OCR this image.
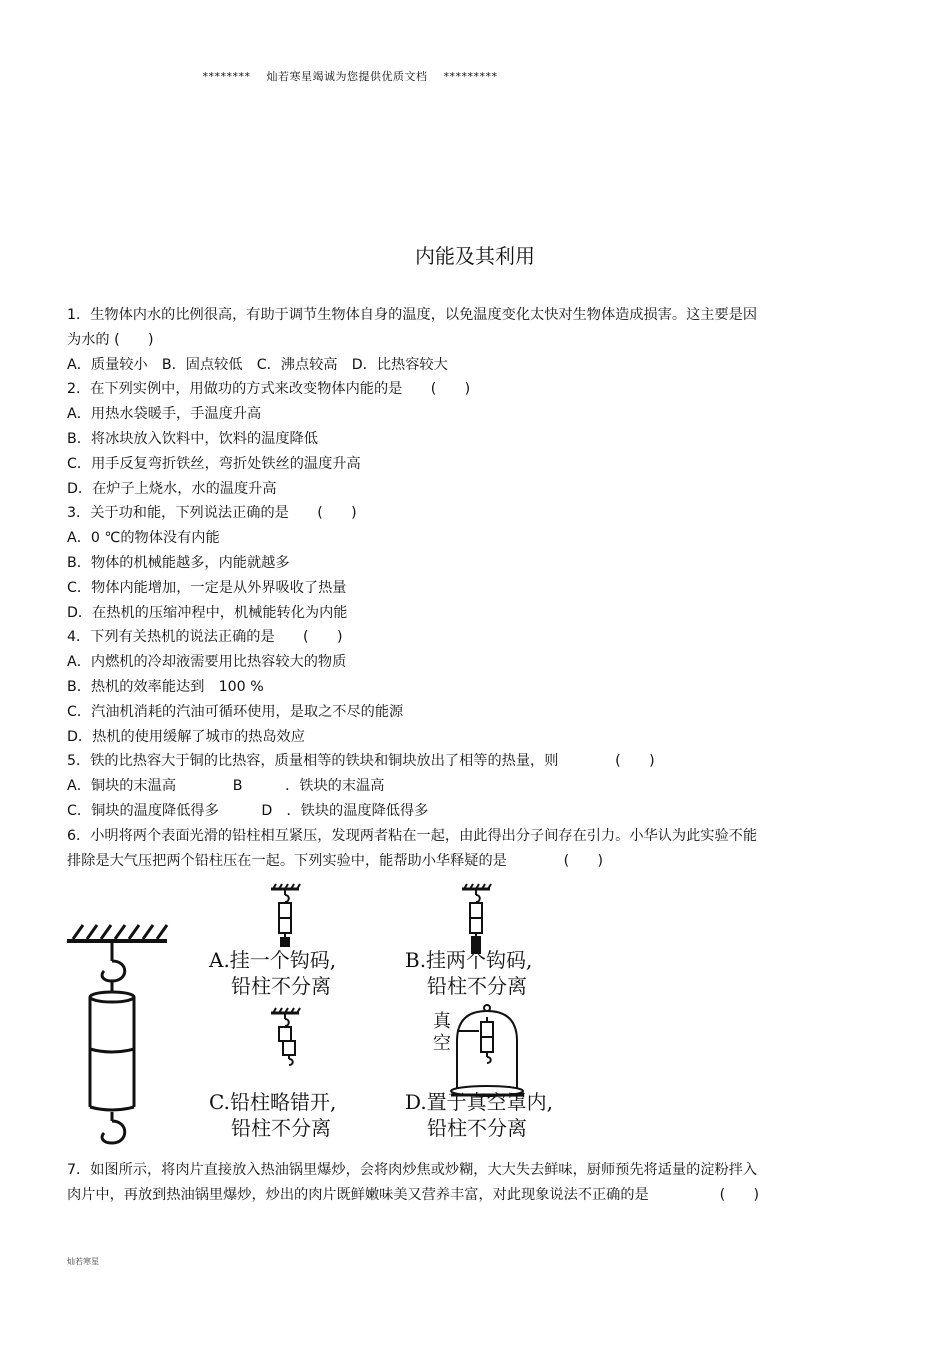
******** 灿若寒星竭诚为您提供优质文档 *********
内能及其利用
1．生物体内水的比例很高，有助于调节生物体自身的温度，以免温度变化太快对生物体造成损害。这主要是因
为水的 (　　)
A．质量较小　B．固点较低　C．沸点较高　D．比热容较大
2．在下列实例中，用做功的方式来改变物体内能的是　　(　　)
A．用热水袋暖手，手温度升高
B．将冰块放入饮料中，饮料的温度降低
C．用手反复弯折铁丝，弯折处铁丝的温度升高
D．在炉子上烧水，水的温度升高
3．关于功和能，下列说法正确的是　　(　　)
A．0 ℃的物体没有内能
B．物体的机械能越多，内能就越多
C．物体内能增加，一定是从外界吸收了热量
D．在热机的压缩冲程中，机械能转化为内能
4．下列有关热机的说法正确的是　　(　　)
A．内燃机的冷却液需要用比热容较大的物质
B．热机的效率能达到　100 %
C．汽油机消耗的汽油可循环使用，是取之不尽的能源
D．热机的使用缓解了城市的热岛效应
5．铁的比热容大于铜的比热容，质量相等的铁块和铜块放出了相等的热量，则　　　　(　　)
A．铜块的末温高　　　　B　　　．铁块的末温高
C．铜块的温度降低得多　　　D　．铁块的温度降低得多
6．小明将两个表面光滑的铅柱相互紧压，发现两者粘在一起，由此得出分子间存在引力。小华认为此实验不能
排除是大气压把两个铅柱压在一起。下列实验中，能帮助小华释疑的是　　　　(　　)
A.挂一个钩码,
铅柱不分离
B.挂两个钩码,
铅柱不分离
C.铅柱略错开,
铅柱不分离
D.置于真空罩内,
铅柱不分离
真
空
7．如图所示，将肉片直接放入热油锅里爆炒，会将肉炒焦或炒糊，大大失去鲜味，厨师预先将适量的淀粉拌入
肉片中，再放到热油锅里爆炒，炒出的肉片既鲜嫩味美又营养丰富，对此现象说法不正确的是　　　　　(　　)
灿若寒星
